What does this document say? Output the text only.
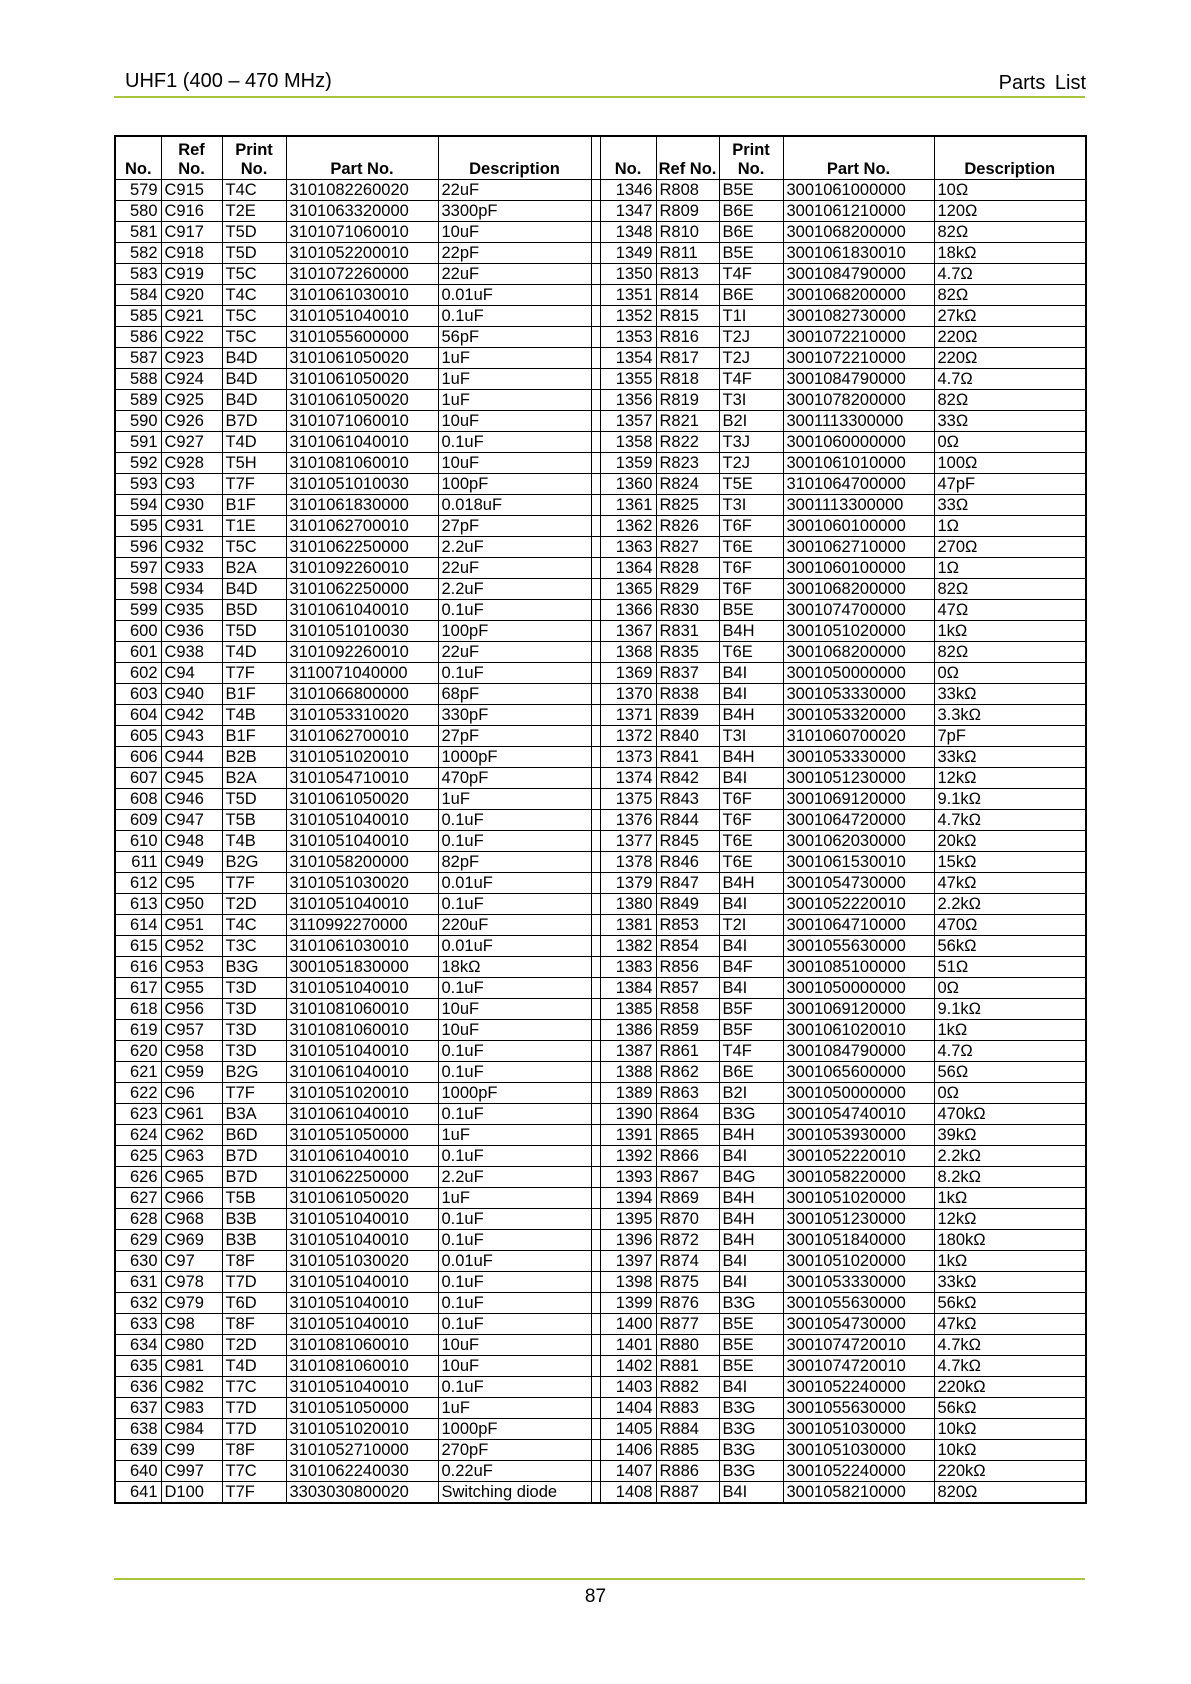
UHF1 (400 – 470 MHz)	Parts List
No.	Ref No.	Print No.	Part No.	Description		No.	Ref No.	Print No.	Part No.	Description
579	C915	T4C	3101082260020	22uF		1346	R808	B5E	3001061000000	10Ω
580	C916	T2E	3101063320000	3300pF		1347	R809	B6E	3001061210000	120Ω
581	C917	T5D	3101071060010	10uF		1348	R810	B6E	3001068200000	82Ω
582	C918	T5D	3101052200010	22pF		1349	R811	B5E	3001061830010	18kΩ
583	C919	T5C	3101072260000	22uF		1350	R813	T4F	3001084790000	4.7Ω
584	C920	T4C	3101061030010	0.01uF		1351	R814	B6E	3001068200000	82Ω
585	C921	T5C	3101051040010	0.1uF		1352	R815	T1I	3001082730000	27kΩ
586	C922	T5C	3101055600000	56pF		1353	R816	T2J	3001072210000	220Ω
587	C923	B4D	3101061050020	1uF		1354	R817	T2J	3001072210000	220Ω
588	C924	B4D	3101061050020	1uF		1355	R818	T4F	3001084790000	4.7Ω
589	C925	B4D	3101061050020	1uF		1356	R819	T3I	3001078200000	82Ω
590	C926	B7D	3101071060010	10uF		1357	R821	B2I	3001113300000	33Ω
591	C927	T4D	3101061040010	0.1uF		1358	R822	T3J	3001060000000	0Ω
592	C928	T5H	3101081060010	10uF		1359	R823	T2J	3001061010000	100Ω
593	C93	T7F	3101051010030	100pF		1360	R824	T5E	3101064700000	47pF
594	C930	B1F	3101061830000	0.018uF		1361	R825	T3I	3001113300000	33Ω
595	C931	T1E	3101062700010	27pF		1362	R826	T6F	3001060100000	1Ω
596	C932	T5C	3101062250000	2.2uF		1363	R827	T6E	3001062710000	270Ω
597	C933	B2A	3101092260010	22uF		1364	R828	T6F	3001060100000	1Ω
598	C934	B4D	3101062250000	2.2uF		1365	R829	T6F	3001068200000	82Ω
599	C935	B5D	3101061040010	0.1uF		1366	R830	B5E	3001074700000	47Ω
600	C936	T5D	3101051010030	100pF		1367	R831	B4H	3001051020000	1kΩ
601	C938	T4D	3101092260010	22uF		1368	R835	T6E	3001068200000	82Ω
602	C94	T7F	3110071040000	0.1uF		1369	R837	B4I	3001050000000	0Ω
603	C940	B1F	3101066800000	68pF		1370	R838	B4I	3001053330000	33kΩ
604	C942	T4B	3101053310020	330pF		1371	R839	B4H	3001053320000	3.3kΩ
605	C943	B1F	3101062700010	27pF		1372	R840	T3I	3101060700020	7pF
606	C944	B2B	3101051020010	1000pF		1373	R841	B4H	3001053330000	33kΩ
607	C945	B2A	3101054710010	470pF		1374	R842	B4I	3001051230000	12kΩ
608	C946	T5D	3101061050020	1uF		1375	R843	T6F	3001069120000	9.1kΩ
609	C947	T5B	3101051040010	0.1uF		1376	R844	T6F	3001064720000	4.7kΩ
610	C948	T4B	3101051040010	0.1uF		1377	R845	T6E	3001062030000	20kΩ
611	C949	B2G	3101058200000	82pF		1378	R846	T6E	3001061530010	15kΩ
612	C95	T7F	3101051030020	0.01uF		1379	R847	B4H	3001054730000	47kΩ
613	C950	T2D	3101051040010	0.1uF		1380	R849	B4I	3001052220010	2.2kΩ
614	C951	T4C	3110992270000	220uF		1381	R853	T2I	3001064710000	470Ω
615	C952	T3C	3101061030010	0.01uF		1382	R854	B4I	3001055630000	56kΩ
616	C953	B3G	3001051830000	18kΩ		1383	R856	B4F	3001085100000	51Ω
617	C955	T3D	3101051040010	0.1uF		1384	R857	B4I	3001050000000	0Ω
618	C956	T3D	3101081060010	10uF		1385	R858	B5F	3001069120000	9.1kΩ
619	C957	T3D	3101081060010	10uF		1386	R859	B5F	3001061020010	1kΩ
620	C958	T3D	3101051040010	0.1uF		1387	R861	T4F	3001084790000	4.7Ω
621	C959	B2G	3101061040010	0.1uF		1388	R862	B6E	3001065600000	56Ω
622	C96	T7F	3101051020010	1000pF		1389	R863	B2I	3001050000000	0Ω
623	C961	B3A	3101061040010	0.1uF		1390	R864	B3G	3001054740010	470kΩ
624	C962	B6D	3101051050000	1uF		1391	R865	B4H	3001053930000	39kΩ
625	C963	B7D	3101061040010	0.1uF		1392	R866	B4I	3001052220010	2.2kΩ
626	C965	B7D	3101062250000	2.2uF		1393	R867	B4G	3001058220000	8.2kΩ
627	C966	T5B	3101061050020	1uF		1394	R869	B4H	3001051020000	1kΩ
628	C968	B3B	3101051040010	0.1uF		1395	R870	B4H	3001051230000	12kΩ
629	C969	B3B	3101051040010	0.1uF		1396	R872	B4H	3001051840000	180kΩ
630	C97	T8F	3101051030020	0.01uF		1397	R874	B4I	3001051020000	1kΩ
631	C978	T7D	3101051040010	0.1uF		1398	R875	B4I	3001053330000	33kΩ
632	C979	T6D	3101051040010	0.1uF		1399	R876	B3G	3001055630000	56kΩ
633	C98	T8F	3101051040010	0.1uF		1400	R877	B5E	3001054730000	47kΩ
634	C980	T2D	3101081060010	10uF		1401	R880	B5E	3001074720010	4.7kΩ
635	C981	T4D	3101081060010	10uF		1402	R881	B5E	3001074720010	4.7kΩ
636	C982	T7C	3101051040010	0.1uF		1403	R882	B4I	3001052240000	220kΩ
637	C983	T7D	3101051050000	1uF		1404	R883	B3G	3001055630000	56kΩ
638	C984	T7D	3101051020010	1000pF		1405	R884	B3G	3001051030000	10kΩ
639	C99	T8F	3101052710000	270pF		1406	R885	B3G	3001051030000	10kΩ
640	C997	T7C	3101062240030	0.22uF		1407	R886	B3G	3001052240000	220kΩ
641	D100	T7F	3303030800020	Switching diode		1408	R887	B4I	3001058210000	820Ω
87
